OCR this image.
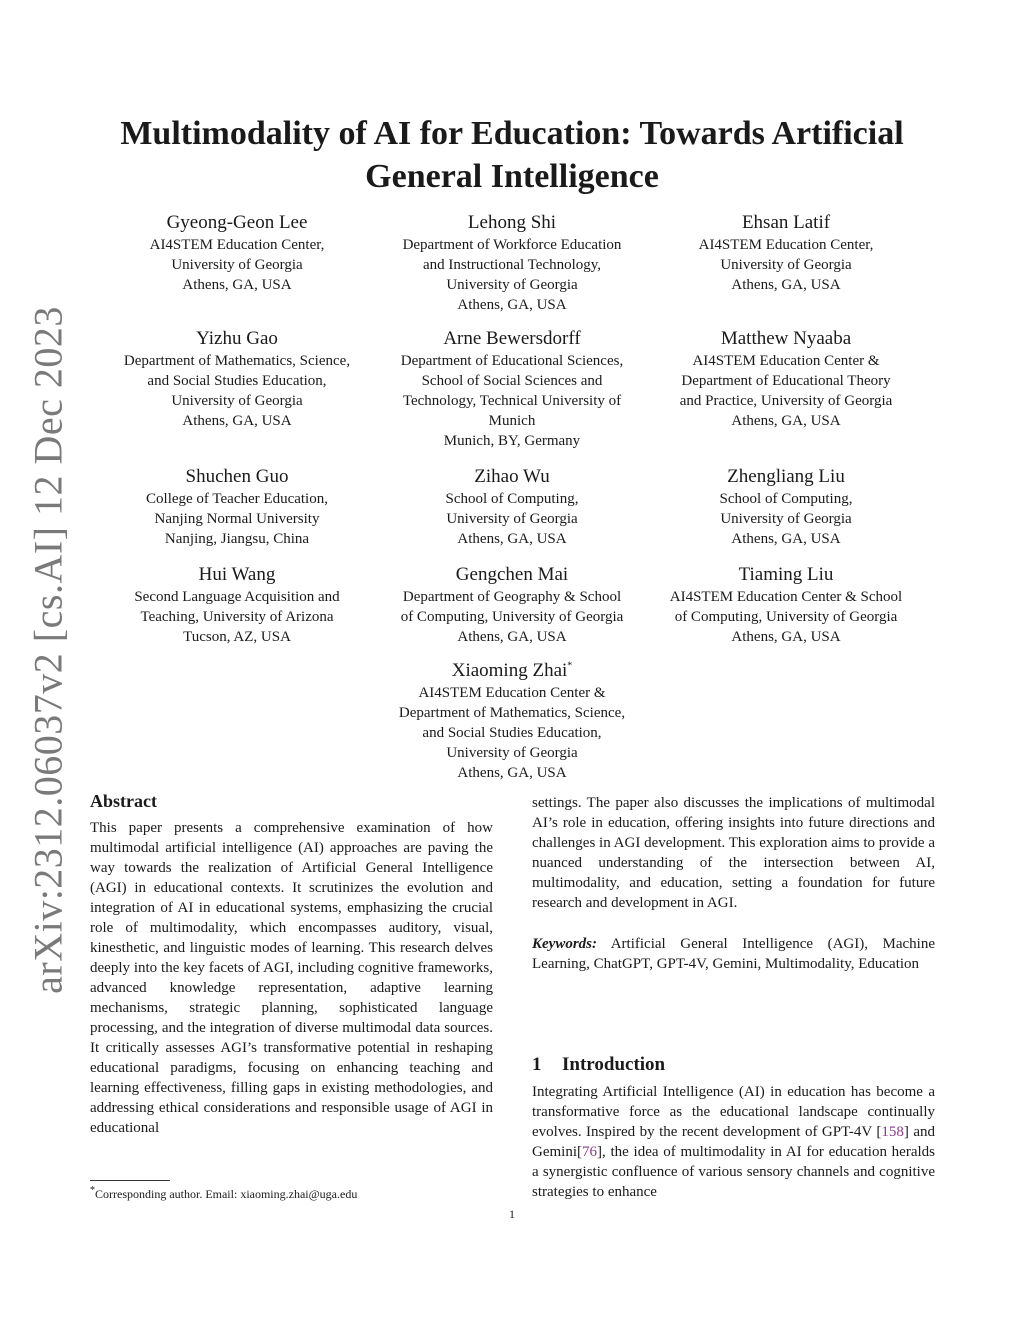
arXiv:2312.06037v2 [cs.AI] 12 Dec 2023
Multimodality of AI for Education: Towards Artificial
General Intelligence
Gyeong-Geon Lee
AI4STEM Education Center,
University of Georgia
Athens, GA, USA
Lehong Shi
Department of Workforce Education
and Instructional Technology,
University of Georgia
Athens, GA, USA
Ehsan Latif
AI4STEM Education Center,
University of Georgia
Athens, GA, USA
Yizhu Gao
Department of Mathematics, Science,
and Social Studies Education,
University of Georgia
Athens, GA, USA
Arne Bewersdorff
Department of Educational Sciences,
School of Social Sciences and
Technology, Technical University of
Munich
Munich, BY, Germany
Matthew Nyaaba
AI4STEM Education Center &
Department of Educational Theory
and Practice, University of Georgia
Athens, GA, USA
Shuchen Guo
College of Teacher Education,
Nanjing Normal University
Nanjing, Jiangsu, China
Zihao Wu
School of Computing,
University of Georgia
Athens, GA, USA
Zhengliang Liu
School of Computing,
University of Georgia
Athens, GA, USA
Hui Wang
Second Language Acquisition and
Teaching, University of Arizona
Tucson, AZ, USA
Gengchen Mai
Department of Geography & School
of Computing, University of Georgia
Athens, GA, USA
Tiaming Liu
AI4STEM Education Center & School
of Computing, University of Georgia
Athens, GA, USA
Xiaoming Zhai*
AI4STEM Education Center &
Department of Mathematics, Science,
and Social Studies Education,
University of Georgia
Athens, GA, USA
Abstract

This paper presents a comprehensive examination of how multimodal artificial intelligence (AI) approaches are paving the way towards the realization of Artificial General Intelligence (AGI) in educational contexts. It scrutinizes the evolution and integration of AI in educational systems, emphasizing the crucial role of multimodality, which encompasses auditory, visual, kinesthetic, and linguistic modes of learning. This research delves deeply into the key facets of AGI, including cognitive frameworks, advanced knowledge representation, adaptive learning mechanisms, strategic planning, sophisticated language processing, and the integration of diverse multimodal data sources. It critically assesses AGI’s transformative potential in reshaping educational paradigms, focusing on enhancing teaching and learning effectiveness, filling gaps in existing methodologies, and addressing ethical considerations and responsible usage of AGI in educational

settings. The paper also discusses the implications of multimodal AI’s role in education, offering insights into future directions and challenges in AGI development. This exploration aims to provide a nuanced understanding of the intersection between AI, multimodality, and education, setting a foundation for future research and development in AGI.

Keywords: Artificial General Intelligence (AGI), Machine Learning, ChatGPT, GPT-4V, Gemini, Multimodality, Education

1 Introduction

Integrating Artificial Intelligence (AI) in education has become a transformative force as the educational landscape continually evolves. Inspired by the recent development of GPT-4V [158] and Gemini[76], the idea of multimodality in AI for education heralds a synergistic confluence of various sensory channels and cognitive strategies to enhance

*Corresponding author. Email: xiaoming.zhai@uga.edu
1
